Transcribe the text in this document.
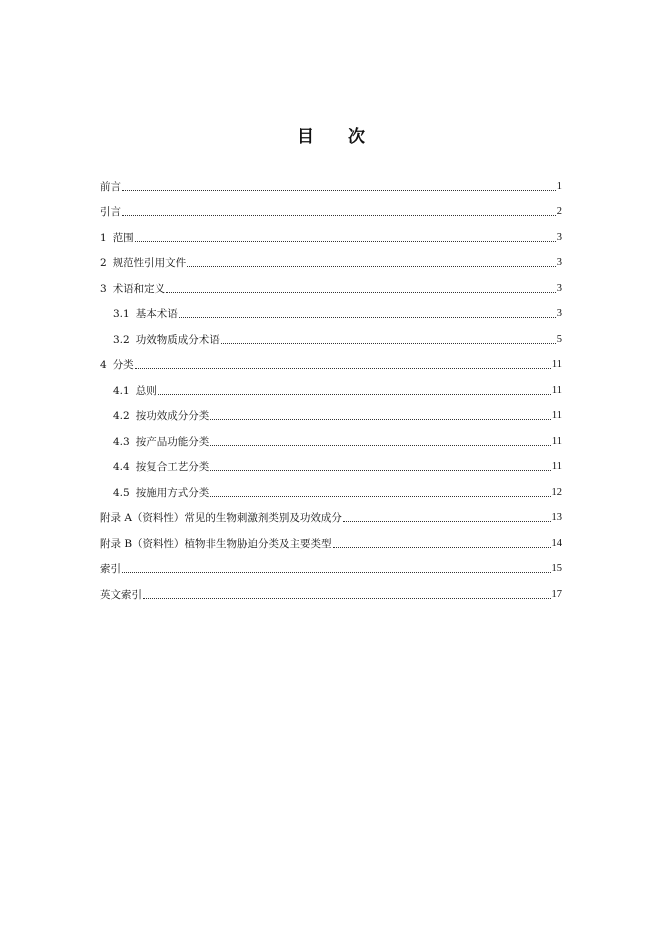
目 次
前言	1
引言	2
1 范围	3
2 规范性引用文件	3
3 术语和定义	3
3.1 基本术语	3
3.2 功效物质成分术语	5
4 分类	11
4.1 总则	11
4.2 按功效成分分类	11
4.3 按产品功能分类	11
4.4 按复合工艺分类	11
4.5 按施用方式分类	12
附录 A（资料性）常见的生物刺激剂类别及功效成分	13
附录 B（资料性）植物非生物胁迫分类及主要类型	14
索引	15
英文索引	17
